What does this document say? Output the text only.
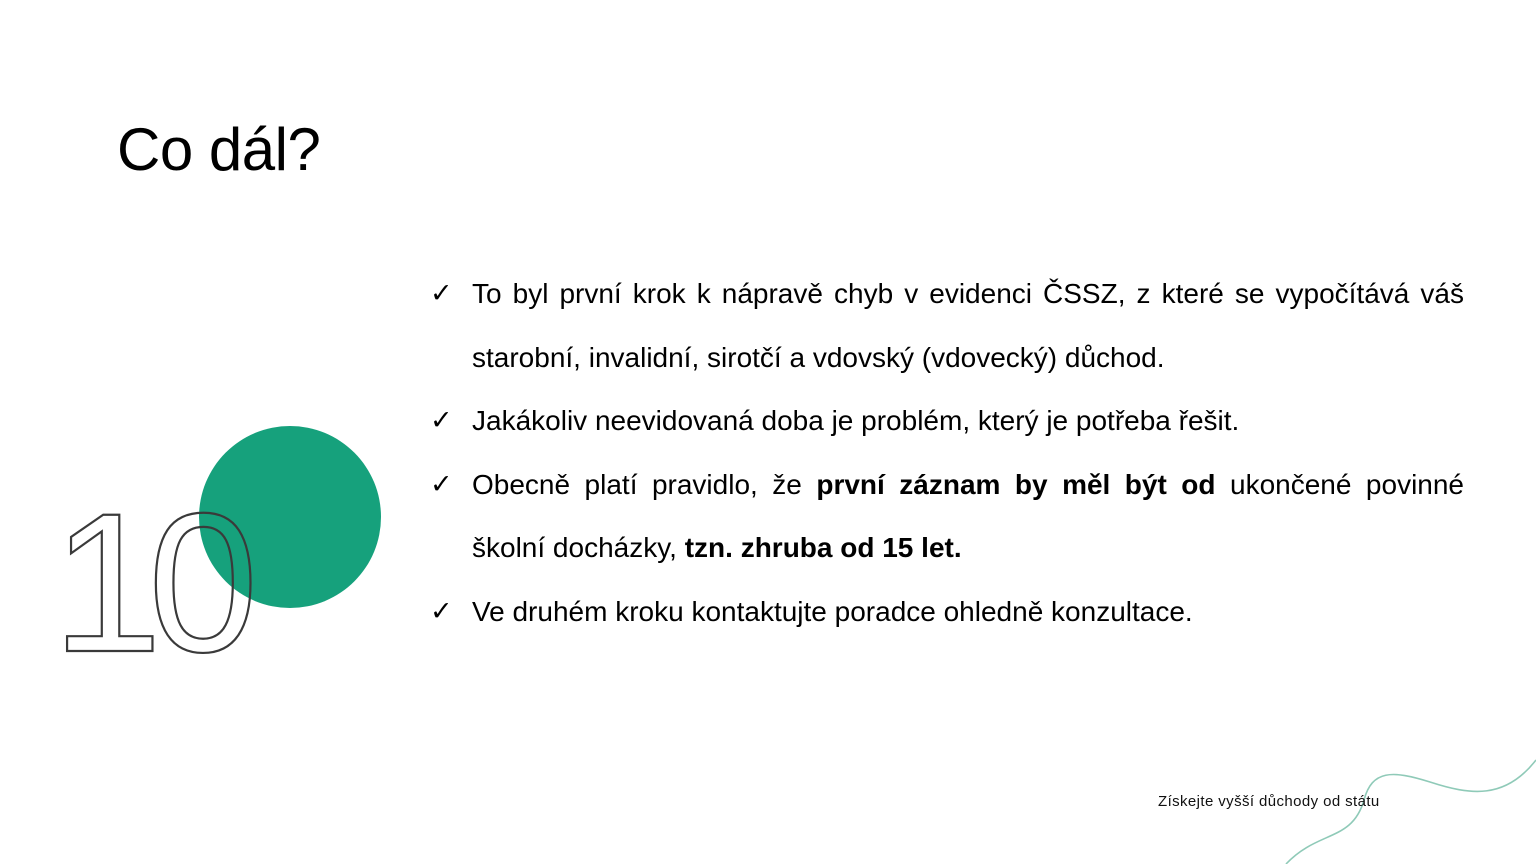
10
Co dál?
✓ To byl první krok k nápravě chyb v evidenci ČSSZ, z které se vypočítává váš starobní, invalidní, sirotčí a vdovský (vdovecký) důchod.
✓ Jakákoliv neevidovaná doba je problém, který je potřeba řešit.
✓ Obecně platí pravidlo, že první záznam by měl být od ukončené povinné školní docházky, tzn. zhruba od 15 let.
✓ Ve druhém kroku kontaktujte poradce ohledně konzultace.
Získejte vyšší důchody od státu
